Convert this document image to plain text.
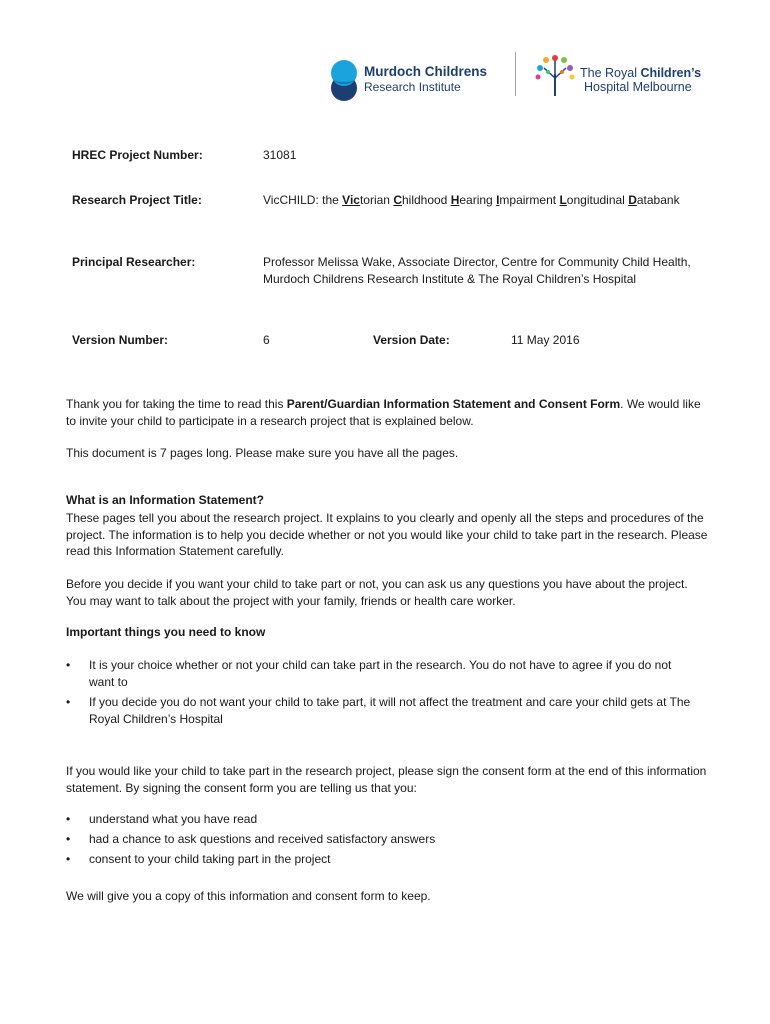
Murdoch Childrens
Research Institute
The Royal Children’s
Hospital Melbourne
HREC Project Number:	31081
Research Project Title:	VicCHILD: the Victorian Childhood Hearing Impairment Longitudinal Databank
Principal Researcher:	Professor Melissa Wake, Associate Director, Centre for Community Child Health, Murdoch Childrens Research Institute & The Royal Children’s Hospital
Version Number:	6	Version Date:	11 May 2016
Thank you for taking the time to read this Parent/Guardian Information Statement and Consent Form. We would like to invite your child to participate in a research project that is explained below.
This document is 7 pages long. Please make sure you have all the pages.
What is an Information Statement?
These pages tell you about the research project. It explains to you clearly and openly all the steps and procedures of the project. The information is to help you decide whether or not you would like your child to take part in the research. Please read this Information Statement carefully.
Before you decide if you want your child to take part or not, you can ask us any questions you have about the project. You may want to talk about the project with your family, friends or health care worker.
Important things you need to know
• It is your choice whether or not your child can take part in the research. You do not have to agree if you do not want to
• If you decide you do not want your child to take part, it will not affect the treatment and care your child gets at The Royal Children’s Hospital
If you would like your child to take part in the research project, please sign the consent form at the end of this information statement. By signing the consent form you are telling us that you:
• understand what you have read
• had a chance to ask questions and received satisfactory answers
• consent to your child taking part in the project
We will give you a copy of this information and consent form to keep.
